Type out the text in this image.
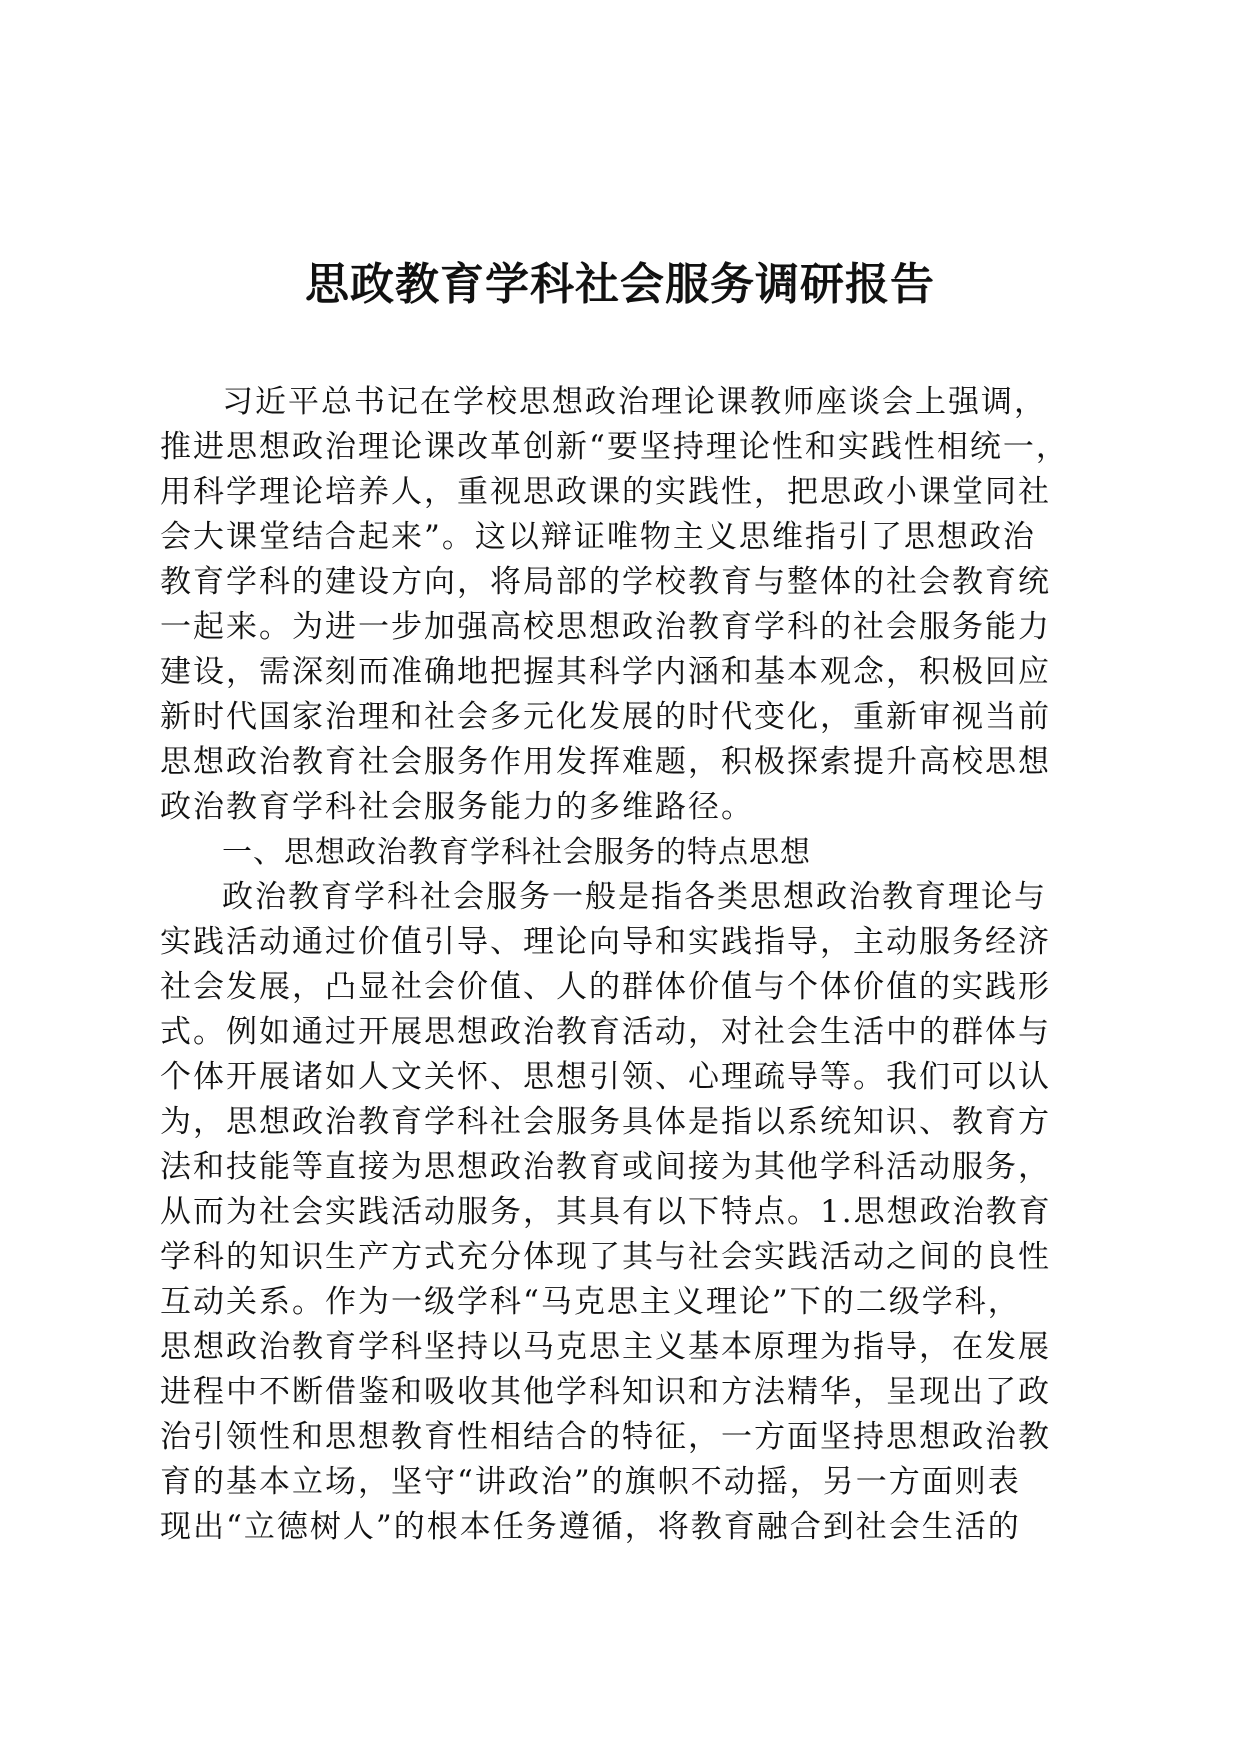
思政教育学科社会服务调研报告
习近平总书记在学校思想政治理论课教师座谈会上强调，
推进思想政治理论课改革创新“要坚持理论性和实践性相统一，
用科学理论培养人，重视思政课的实践性，把思政小课堂同社
会大课堂结合起来”。这以辩证唯物主义思维指引了思想政治
教育学科的建设方向，将局部的学校教育与整体的社会教育统
一起来。为进一步加强高校思想政治教育学科的社会服务能力
建设，需深刻而准确地把握其科学内涵和基本观念，积极回应
新时代国家治理和社会多元化发展的时代变化，重新审视当前
思想政治教育社会服务作用发挥难题，积极探索提升高校思想
政治教育学科社会服务能力的多维路径。
一、思想政治教育学科社会服务的特点思想
政治教育学科社会服务一般是指各类思想政治教育理论与
实践活动通过价值引导、理论向导和实践指导，主动服务经济
社会发展，凸显社会价值、人的群体价值与个体价值的实践形
式。例如通过开展思想政治教育活动，对社会生活中的群体与
个体开展诸如人文关怀、思想引领、心理疏导等。我们可以认
为，思想政治教育学科社会服务具体是指以系统知识、教育方
法和技能等直接为思想政治教育或间接为其他学科活动服务，
从而为社会实践活动服务，其具有以下特点。1.思想政治教育
学科的知识生产方式充分体现了其与社会实践活动之间的良性
互动关系。作为一级学科“马克思主义理论”下的二级学科，
思想政治教育学科坚持以马克思主义基本原理为指导，在发展
进程中不断借鉴和吸收其他学科知识和方法精华，呈现出了政
治引领性和思想教育性相结合的特征，一方面坚持思想政治教
育的基本立场，坚守“讲政治”的旗帜不动摇，另一方面则表
现出“立德树人”的根本任务遵循，将教育融合到社会生活的
